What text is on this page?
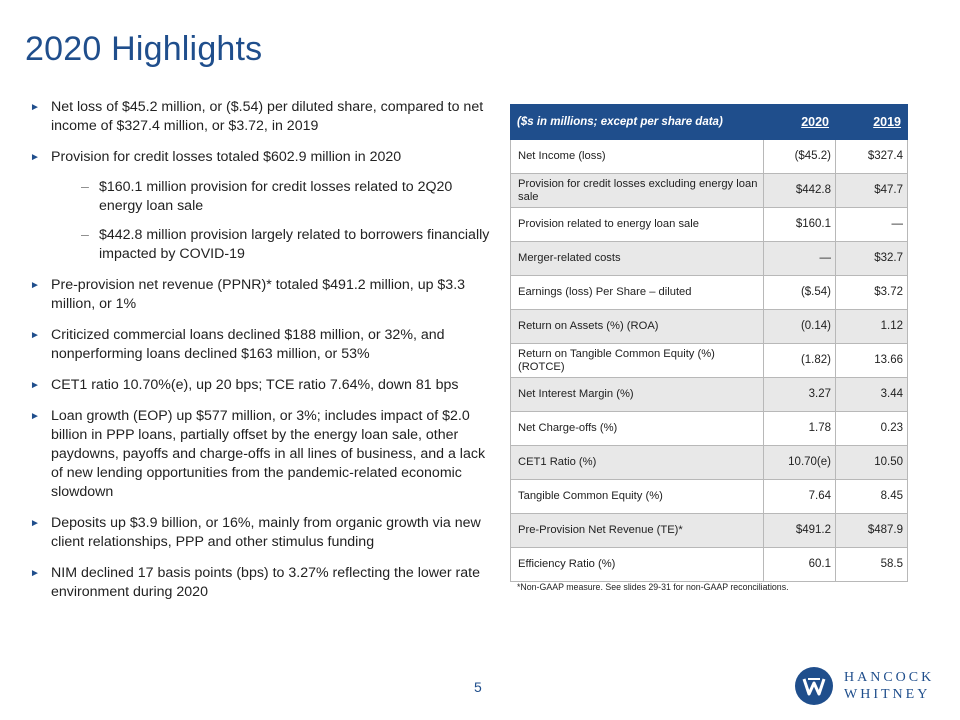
2020 Highlights
► Net loss of $45.2 million, or ($.54) per diluted share, compared to net income of $327.4 million, or $3.72, in 2019
► Provision for credit losses totaled $602.9 million in 2020
– $160.1 million provision for credit losses related to 2Q20 energy loan sale
– $442.8 million provision largely related to borrowers financially impacted by COVID-19
► Pre-provision net revenue (PPNR)* totaled $491.2 million, up $3.3 million, or 1%
► Criticized commercial loans declined $188 million, or 32%, and nonperforming loans declined $163 million, or 53%
► CET1 ratio 10.70%(e), up 20 bps; TCE ratio 7.64%, down 81 bps
► Loan growth (EOP) up $577 million, or 3%; includes impact of $2.0 billion in PPP loans, partially offset by the energy loan sale, other paydowns, payoffs and charge-offs in all lines of business, and a lack of new lending opportunities from the pandemic-related economic slowdown
► Deposits up $3.9 billion, or 16%, mainly from organic growth via new client relationships, PPP and other stimulus funding
► NIM declined 17 basis points (bps) to 3.27% reflecting the lower rate environment during 2020
($s in millions; except per share data)	2020	2019
Net Income (loss)	($45.2)	$327.4
Provision for credit losses excluding energy loan sale	$442.8	$47.7
Provision related to energy loan sale	$160.1	—
Merger-related costs	—	$32.7
Earnings (loss) Per Share – diluted	($.54)	$3.72
Return on Assets (%) (ROA)	(0.14)	1.12
Return on Tangible Common Equity (%) (ROTCE)	(1.82)	13.66
Net Interest Margin (%)	3.27	3.44
Net Charge-offs (%)	1.78	0.23
CET1 Ratio (%)	10.70(e)	10.50
Tangible Common Equity (%)	7.64	8.45
Pre-Provision Net Revenue (TE)*	$491.2	$487.9
Efficiency Ratio (%)	60.1	58.5

*Non-GAAP measure. See slides 29-31 for non-GAAP reconciliations.

5

HANCOCK
WHITNEY
